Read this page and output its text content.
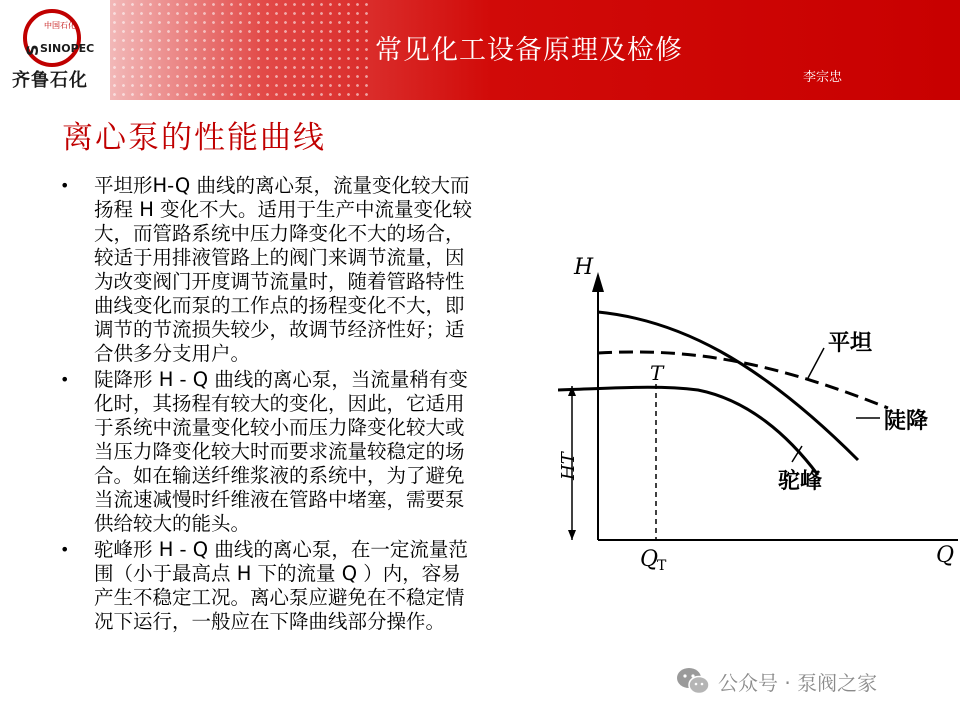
中国石化
S
SINOPEC
齐鲁石化
常见化工设备原理及检修
李宗忠
离心泵的性能曲线
• 平坦形H-Q 曲线的离心泵，流量变化较大而
扬程 H 变化不大。适用于生产中流量变化较
大，而管路系统中压力降变化不大的场合，
较适于用排液管路上的阀门来调节流量，因
为改变阀门开度调节流量时，随着管路特性
曲线变化而泵的工作点的扬程变化不大，即
调节的节流损失较少，故调节经济性好；适
合供多分支用户。
• 陡降形 H - Q 曲线的离心泵，当流量稍有变
化时，其扬程有较大的变化，因此，它适用
于系统中流量变化较小而压力降变化较大或
当压力降变化较大时而要求流量较稳定的场
合。如在输送纤维浆液的系统中，为了避免
当流速减慢时纤维液在管路中堵塞，需要泵
供给较大的能头。
• 驼峰形 H - Q 曲线的离心泵，在一定流量范
围（小于最高点 H 下的流量 Q ）内，容易
产生不稳定工况。离心泵应避免在不稳定情
况下运行，一般应在下降曲线部分操作。
H
Q
HT
T
Q
T
平坦
陡降
驼峰
公众号 · 泵阀之家
